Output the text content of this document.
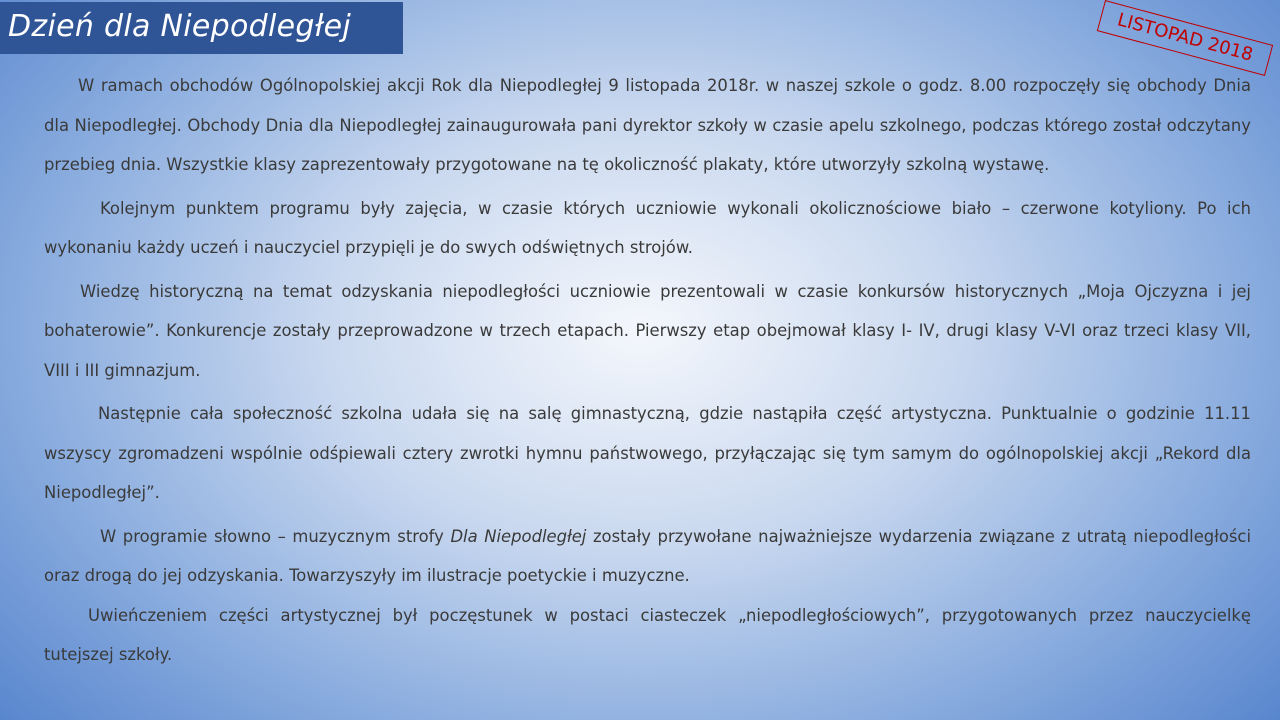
Dzień dla Niepodległej	LISTOPAD 2018

W ramach obchodów Ogólnopolskiej akcji Rok dla Niepodległej 9 listopada 2018r. w naszej szkole o godz. 8.00 rozpoczęły się obchody Dnia dla Niepodległej. Obchody Dnia dla Niepodległej zainaugurowała pani dyrektor szkoły w czasie apelu szkolnego, podczas którego został odczytany przebieg dnia. Wszystkie klasy zaprezentowały przygotowane na tę okoliczność plakaty, które utworzyły szkolną wystawę.

Kolejnym punktem programu były zajęcia, w czasie których uczniowie wykonali okolicznościowe biało – czerwone kotyliony. Po ich wykonaniu każdy uczeń i nauczyciel przypięli je do swych odświętnych strojów.

Wiedzę historyczną na temat odzyskania niepodległości uczniowie prezentowali w czasie konkursów historycznych „Moja Ojczyzna i jej bohaterowie”. Konkurencje zostały przeprowadzone w trzech etapach. Pierwszy etap obejmował klasy I- IV, drugi klasy V-VI oraz trzeci klasy VII, VIII i III gimnazjum.

Następnie cała społeczność szkolna udała się na salę gimnastyczną, gdzie nastąpiła część artystyczna. Punktualnie o godzinie 11.11 wszyscy zgromadzeni wspólnie odśpiewali cztery zwrotki hymnu państwowego, przyłączając się tym samym do ogólnopolskiej akcji „Rekord dla Niepodległej”.

W programie słowno – muzycznym strofy Dla Niepodległej zostały przywołane najważniejsze wydarzenia związane z utratą niepodległości oraz drogą do jej odzyskania. Towarzyszyły im ilustracje poetyckie i muzyczne.

Uwieńczeniem części artystycznej był poczęstunek w postaci ciasteczek „niepodległościowych”, przygotowanych przez nauczycielkę tutejszej szkoły.
